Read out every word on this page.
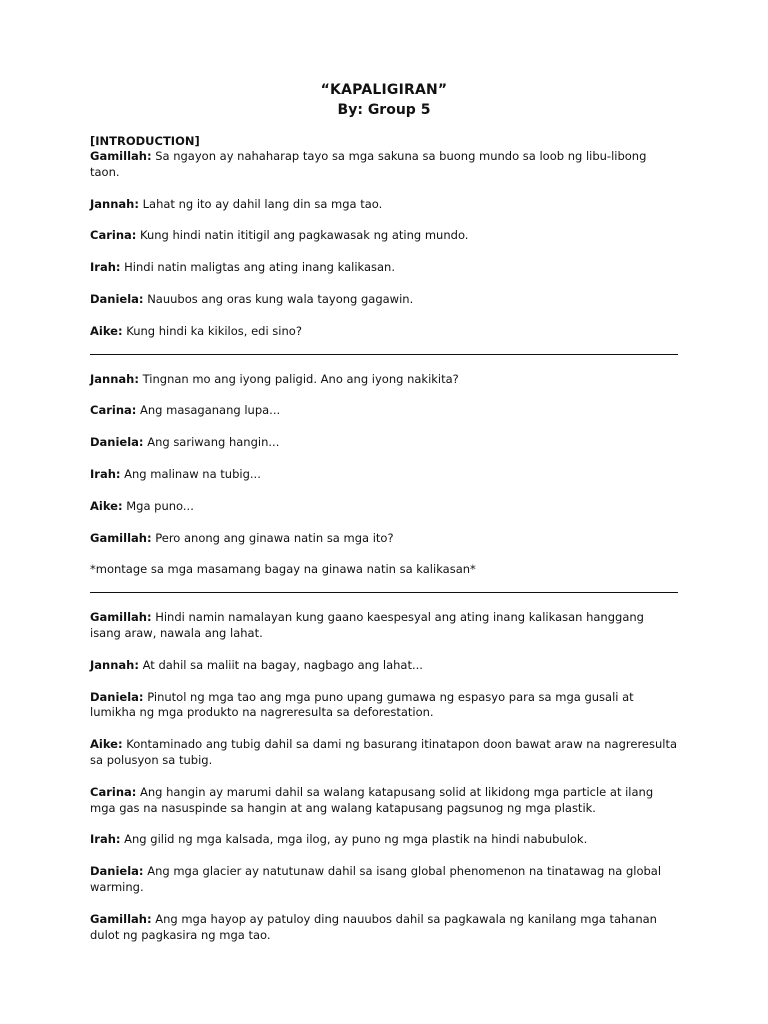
“KAPALIGIRAN”

By: Group 5

[INTRODUCTION]

Gamillah: Sa ngayon ay nahaharap tayo sa mga sakuna sa buong mundo sa loob ng libu-libong taon.

Jannah: Lahat ng ito ay dahil lang din sa mga tao.

Carina: Kung hindi natin ititigil ang pagkawasak ng ating mundo.

Irah: Hindi natin maligtas ang ating inang kalikasan.

Daniela: Nauubos ang oras kung wala tayong gagawin.

Aike: Kung hindi ka kikilos, edi sino?

Jannah: Tingnan mo ang iyong paligid. Ano ang iyong nakikita?

Carina: Ang masaganang lupa...

Daniela: Ang sariwang hangin...

Irah: Ang malinaw na tubig...

Aike: Mga puno...

Gamillah: Pero anong ang ginawa natin sa mga ito?

*montage sa mga masamang bagay na ginawa natin sa kalikasan*

Gamillah: Hindi namin namalayan kung gaano kaespesyal ang ating inang kalikasan hanggang isang araw, nawala ang lahat.

Jannah: At dahil sa maliit na bagay, nagbago ang lahat...

Daniela: Pinutol ng mga tao ang mga puno upang gumawa ng espasyo para sa mga gusali at lumikha ng mga produkto na nagreresulta sa deforestation.

Aike: Kontaminado ang tubig dahil sa dami ng basurang itinatapon doon bawat araw na nagreresulta sa polusyon sa tubig.

Carina: Ang hangin ay marumi dahil sa walang katapusang solid at likidong mga particle at ilang mga gas na nasuspinde sa hangin at ang walang katapusang pagsunog ng mga plastik.

Irah: Ang gilid ng mga kalsada, mga ilog, ay puno ng mga plastik na hindi nabubulok.

Daniela: Ang mga glacier ay natutunaw dahil sa isang global phenomenon na tinatawag na global warming.

Gamillah: Ang mga hayop ay patuloy ding nauubos dahil sa pagkawala ng kanilang mga tahanan dulot ng pagkasira ng mga tao.
